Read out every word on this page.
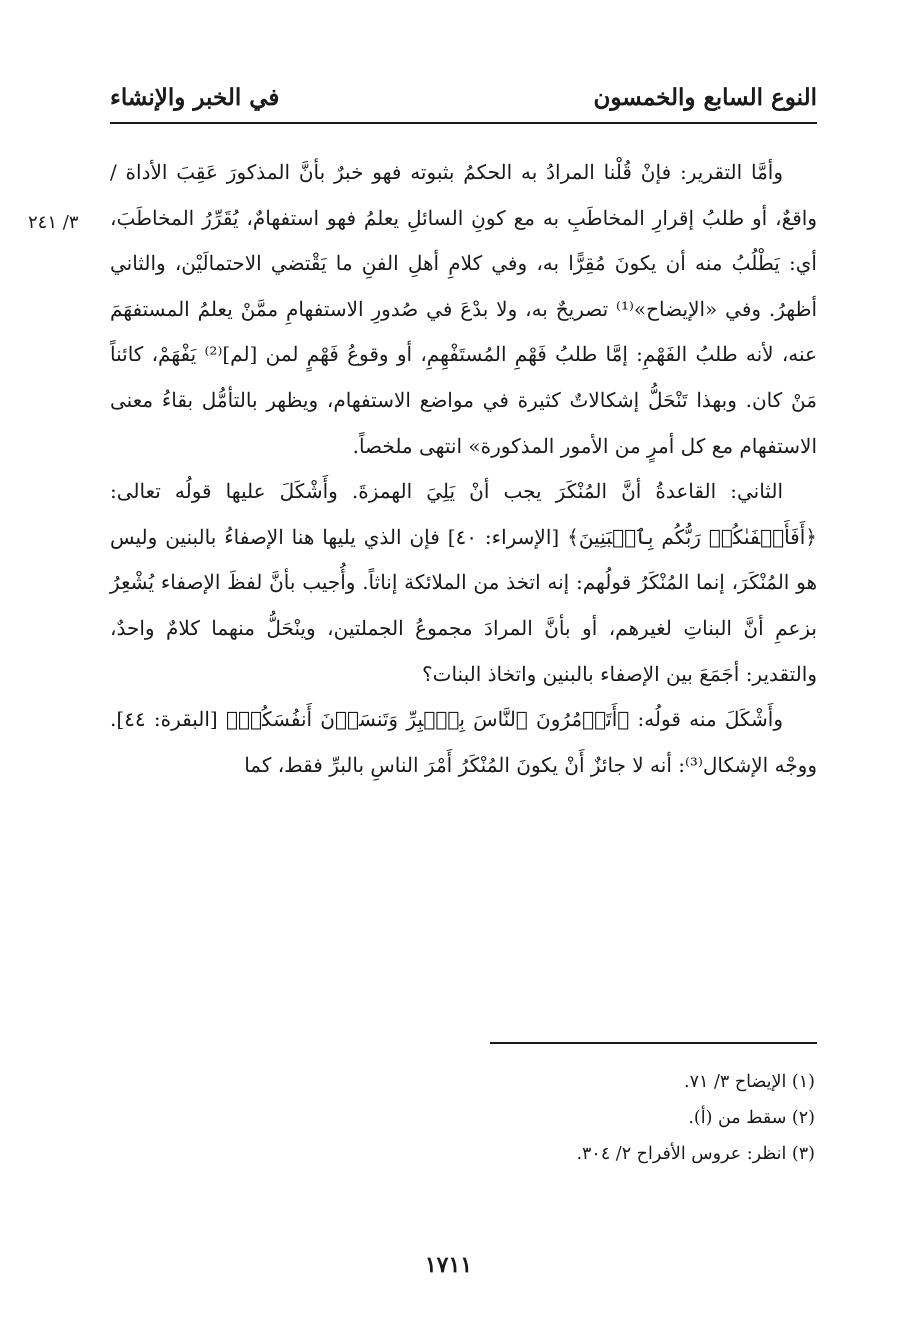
النوع السابع والخمسون
في الخبر والإنشاء
٣/ ٢٤١

وأمَّا التقرير: فإنْ قُلْنا المرادُ به الحكمُ بثبوته فهو خبرٌ بأنَّ المذكورَ عَقِبَ الأداة / واقعٌ، أو طلبُ إقرارِ المخاطَبِ به مع كونِ السائلِ يعلمُ فهو استفهامٌ، يُقَرِّرُ المخاطَبَ، أي: يَطْلُبُ منه أن يكونَ مُقِرًّا به، وفي كلامِ أهلِ الفنِ ما يَقْتضي الاحتمالَيْن، والثاني أظهرُ. وفي «الإيضاح»⁽¹⁾ تصريحٌ به، ولا بدْعَ في صُدورِ الاستفهامِ ممَّنْ يعلمُ المستفهَمَ عنه، لأنه طلبُ الفَهْمِ: إمَّا طلبُ فَهْمِ المُستَفْهِمِ، أو وقوعُ فَهْمٍ لمن [لم]⁽²⁾ يَفْهَمْ، كائناً مَنْ كان. وبهذا تَنْحَلُّ إشكالاتٌ كثيرة في مواضع الاستفهام، ويظهر بالتأمُّل بقاءُ معنى الاستفهام مع كل أمرٍ من الأمور المذكورة» انتهى ملخصاً.

الثاني: القاعدةُ أنَّ المُنْكَرَ يجب أنْ يَلِيَ الهمزةَ. وأَشْكَلَ عليها قولُه تعالى: ﴿أَفَأَصۡفَىٰكُمۡ رَبُّكُم بِٱلۡبَنِينَ﴾ [الإسراء: ٤٠] فإن الذي يليها هنا الإصفاءُ بالبنين وليس هو المُنْكَرَ، إنما المُنْكَرُ قولُهم: إنه اتخذ من الملائكة إناثاً. وأُجيب بأنَّ لفظَ الإصفاء يُشْعِرُ بزعمِ أنَّ البناتِ لغيرهم، أو بأنَّ المرادَ مجموعُ الجملتين، وينْحَلُّ منهما كلامٌ واحدٌ، والتقدير: أجَمَعَ بين الإصفاء بالبنين واتخاذ البنات؟

وأَشْكَلَ منه قولُه: ﴿أَتَأۡمُرُونَ ٱلنَّاسَ بِٱلۡبِرِّ وَتَنسَوۡنَ أَنفُسَكُمۡ﴾ [البقرة: ٤٤]. ووجْه الإشكال⁽³⁾: أنه لا جائزٌ أَنْ يكونَ المُنْكَرُ أَمْرَ الناسِ بالبرِّ فقط، كما

(١) الإيضاح ٣/ ٧١.
(٢) سقط من (أ).
(٣) انظر: عروس الأفراح ٢/ ٣٠٤.
١٧١١
